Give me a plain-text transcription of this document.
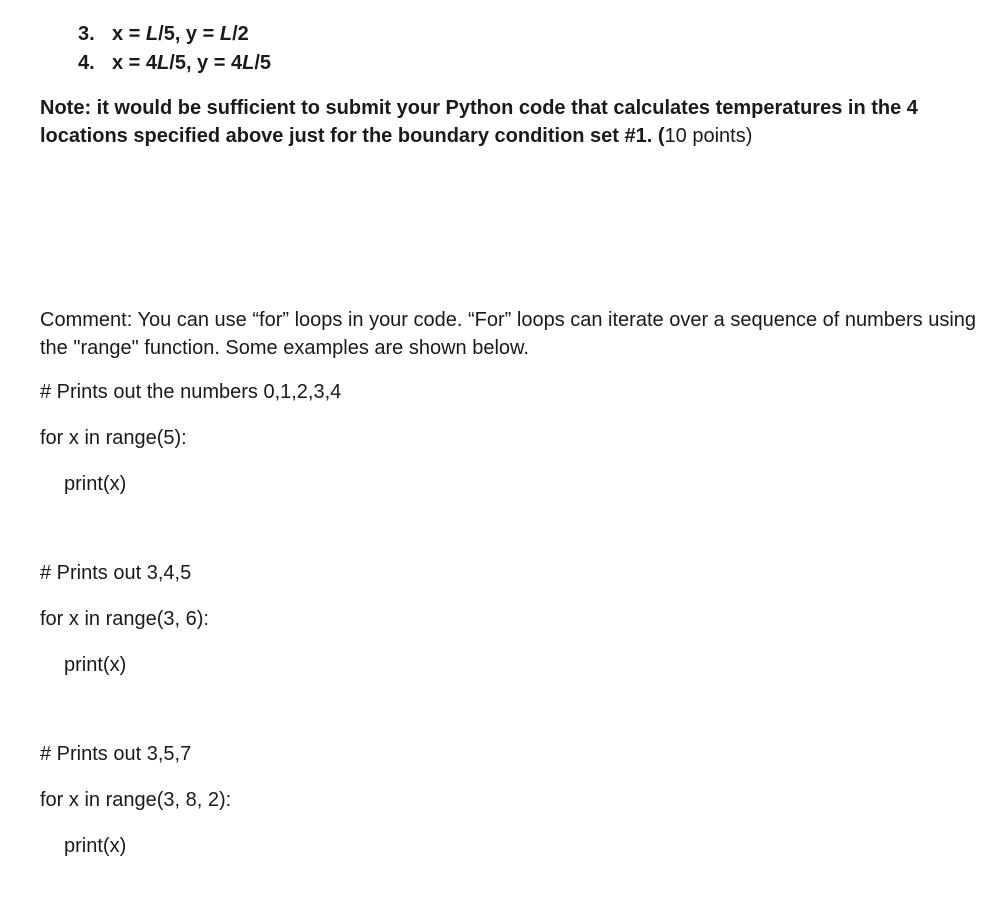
3. x = L/5, y = L/2
4. x = 4L/5, y = 4L/5
Note: it would be sufficient to submit your Python code that calculates temperatures in the 4 locations specified above just for the boundary condition set #1. (10 points)
Comment: You can use “for” loops in your code. “For” loops can iterate over a sequence of numbers using the "range" function. Some examples are shown below.
# Prints out the numbers 0,1,2,3,4
for x in range(5):
print(x)
# Prints out 3,4,5
for x in range(3, 6):
print(x)
# Prints out 3,5,7
for x in range(3, 8, 2):
print(x)
